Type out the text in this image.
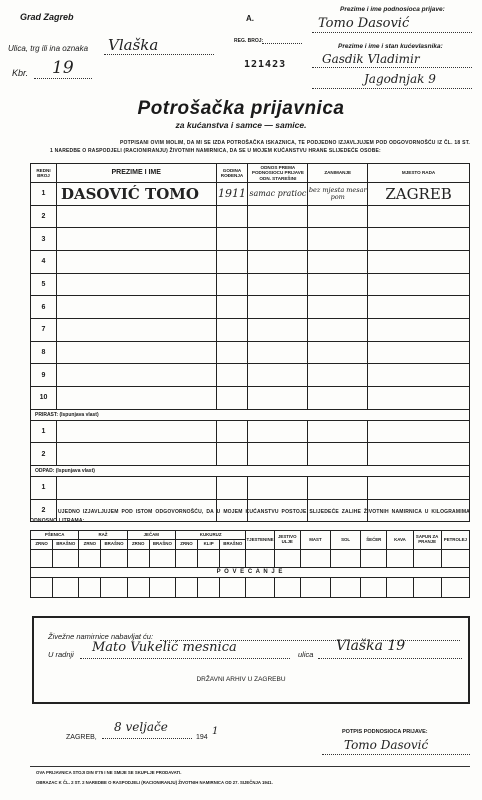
Grad Zagreb
Ulica, trg ili ina oznaka Vlaška
Kbr. 19
A.
REG. BROJ:
121423
Prezime i ime podnosioca prijave:
Tomo Dasović
Prezime i ime i stan kućevlasnika:
Gasdik Vladimir
Jagodnjak 9
Potrošačka prijavnica
za kućanstva i samce — samice.
POTPISANI OVIM MOLIM, DA MI SE IZDA POTROŠAČKA ISKAZNICA, TE PODJEDNO IZJAVLJUJEM POD ODGOVORNOŠĆU IZ ČL. 18 ST. 1 NAREDBE O RASPODJELI (RACIONIRANJU) ŽIVOTNIH NAMIRNICA, DA SE U MOJEM KUĆANSTVU HRANE SLIJEDEĆE OSOBE:
REDNI BROJ	PREZIME I IME	GODINA ROĐENJA	ODNOS PREMA PODNOSIOCU PRIJAVE ODN. STAREŠINI	ZANIMANJE	MJESTO RADA
1	DASOVIĆ TOMO	1911	samac pratioc	bez mjesta mesar pom	ZAGREB
2					
3					
4					
5					
6					
7					
8					
9					
10					
PRIRAST: (Ispunjava vlast)					
1					
2					
ODPAD: (Ispunjava vlast)					
1					
2						UJEDNO IZJAVLJUJEM POD ISTOM ODGOVORNOŠĆU, DA U MOJEM KUĆANSTVU POSTOJE SLIJEDEĆE ZALIHE ŽIVOTNIH NAMIRNICA U KILOGRAMIMA ODNOSNO LITRAMA:
PŠENICA		RAŽ		JEČAM		KUKURUZ			TJESTENINE	JESTIVO ULJE	MAST	SOL	ŠEĆER	KAVA	SAPUN ZA PRANJE	PETROLEJ
ZRNO	BRAŠNO	ZRNO	BRAŠNO	ZRNO	BRAŠNO	ZRNO	KLIP	BRAŠNO								

P O V E Ć A N J E																

Živežne namirnice nabavljat ću:
U radnji Mato Vukelić mesnica	ulica
Vlaška 19
DRŽAVNI ARHIV U ZAGREBU
ZAGREB,
8 veljače
194
1	POTPIS PODNOSIOCA PRIJAVE:
Tomo Dasović
OVA PRIJAVNICA STOJI DIN 0'75 I NE SMIJE SE SKUPLJE PRODAVATI.
OBRAZAC K ČL. 2 ST. 2 NAREDBE O RASPODJELI (RACIONIRANJU) ŽIVOTNIH NAMIRNICA OD 27. SIJEČNJA 1941.
